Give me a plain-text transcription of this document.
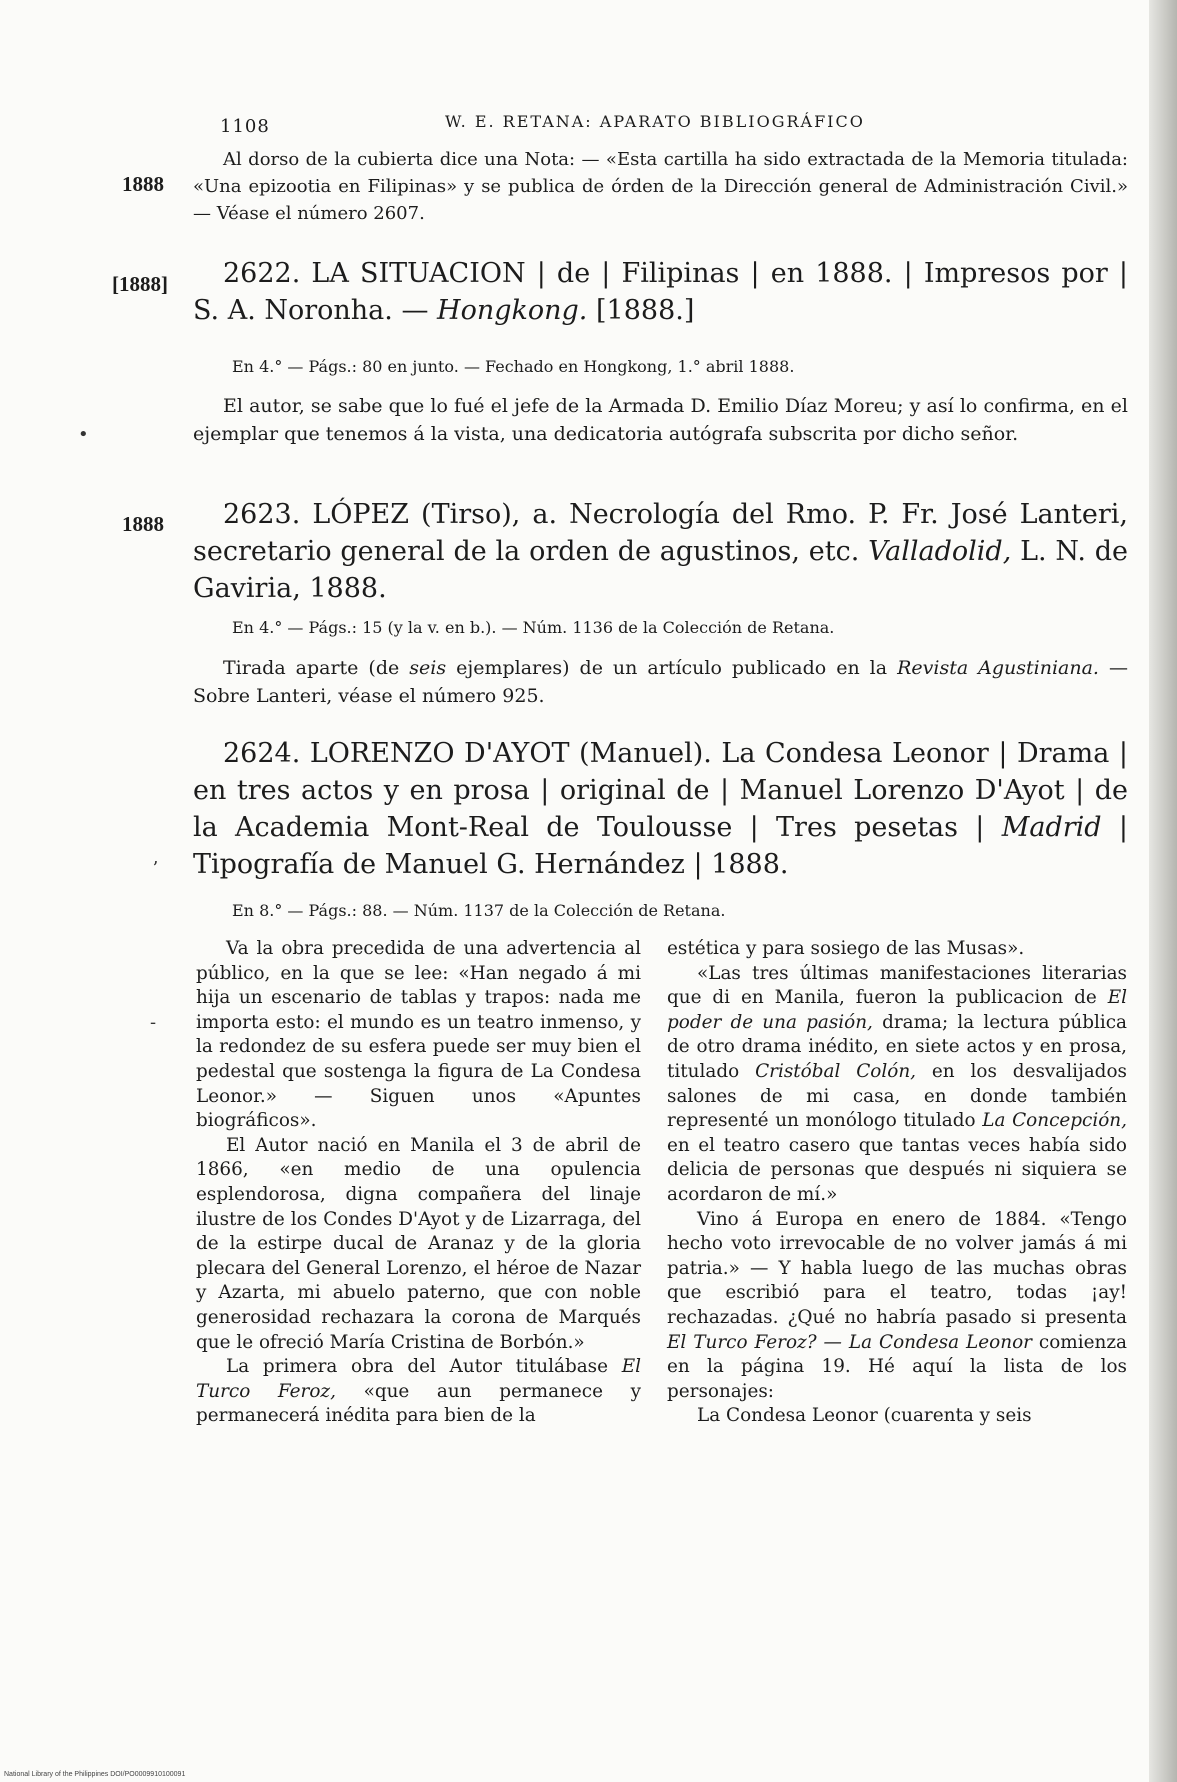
1108	W. E. RETANA: APARATO BIBLIOGRÁFICO
1888

Al dorso de la cubierta dice una Nota: — «Esta cartilla ha sido extractada de la Memoria titulada: «Una epizootia en Filipinas» y se publica de órden de la Dirección general de Administración Civil.» — Véase el número 2607.

[1888]	2622. LA SITUACION | de | Filipinas | en 1888. | Impresos por | S. A. Noronha. — Hongkong. [1888.]

En 4.° — Págs.: 80 en junto. — Fechado en Hongkong, 1.° abril 1888.

El autor, se sabe que lo fué el jefe de la Armada D. Emilio Díaz Moreu; y así lo confirma, en el ejemplar que tenemos á la vista, una dedicatoria autógrafa subscrita por dicho señor.

•
1888	2623. LÓPEZ (Tirso), a. Necrología del Rmo. P. Fr. José Lanteri, secretario general de la orden de agustinos, etc. Valladolid, L. N. de Gaviria, 1888.

En 4.° — Págs.: 15 (y la v. en b.). — Núm. 1136 de la Colección de Retana.

Tirada aparte (de seis ejemplares) de un artículo publicado en la Revista Agustiniana. — Sobre Lanteri, véase el número 925.

2624. LORENZO D'AYOT (Manuel). La Condesa Leonor | Drama | en tres actos y en prosa | original de | Manuel Lorenzo D'Ayot | de la Academia Mont-Real de Toulousse | Tres pesetas | Madrid | Tipografía de Manuel G. Hernández | 1888.

En 8.° — Págs.: 88. — Núm. 1137 de la Colección de Retana.
ʼ
-

Va la obra precedida de una advertencia al público, en la que se lee: «Han negado á mi hija un escenario de tablas y trapos: nada me importa esto: el mundo es un teatro inmenso, y la redondez de su esfera puede ser muy bien el pedestal que sostenga la figura de La Condesa Leonor.» — Siguen unos «Apuntes biográficos».

El Autor nació en Manila el 3 de abril de 1866, «en medio de una opulencia esplendorosa, digna compañera del linaje ilustre de los Condes D'Ayot y de Lizarraga, del de la estirpe ducal de Aranaz y de la gloria plecara del General Lorenzo, el héroe de Nazar y Azarta, mi abuelo paterno, que con noble generosidad rechazara la corona de Marqués que le ofreció María Cristina de Borbón.»

La primera obra del Autor titulábase El Turco Feroz, «que aun permanece y permanecerá inédita para bien de la

estética y para sosiego de las Musas».

«Las tres últimas manifestaciones literarias que di en Manila, fueron la publicacion de El poder de una pasión, drama; la lectura pública de otro drama inédito, en siete actos y en prosa, titulado Cristóbal Colón, en los desvalijados salones de mi casa, en donde también representé un monólogo titulado La Concepción, en el teatro casero que tantas veces había sido delicia de personas que después ni siquiera se acordaron de mí.»

Vino á Europa en enero de 1884. «Tengo hecho voto irrevocable de no volver jamás á mi patria.» — Y habla luego de las muchas obras que escribió para el teatro, todas ¡ay! rechazadas. ¿Qué no habría pasado si presenta El Turco Feroz? — La Condesa Leonor comienza en la página 19. Hé aquí la lista de los personajes:

La Condesa Leonor (cuarenta y seis

National Library of the Philippines DOI/PO0009910100091
